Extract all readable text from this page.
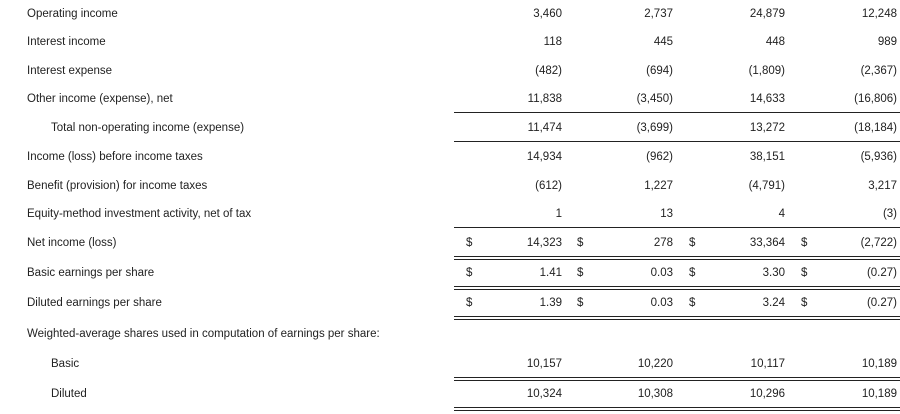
Operating income	3,460	2,737	24,879	12,248
Interest income	118	445	448	989
Interest expense	(482)	(694)	(1,809)	(2,367)
Other income (expense), net	11,838	(3,450)	14,633	(16,806)
Total non-operating income (expense)	11,474	(3,699)	13,272	(18,184)
Income (loss) before income taxes	14,934	(962)	38,151	(5,936)
Benefit (provision) for income taxes	(612)	1,227	(4,791)	3,217
Equity-method investment activity, net of tax	1	13	4	(3)
Net income (loss)	$	14,323 $	278 $	33,364 $	(2,722)
Basic earnings per share	$	1.41 $	0.03 $	3.30 $	(0.27)
Diluted earnings per share	$	1.39 $	0.03 $	3.24 $	(0.27)
Weighted-average shares used in computation of earnings per share:
Basic	10,157	10,220	10,117	10,189
Diluted	10,324	10,308	10,296	10,189
